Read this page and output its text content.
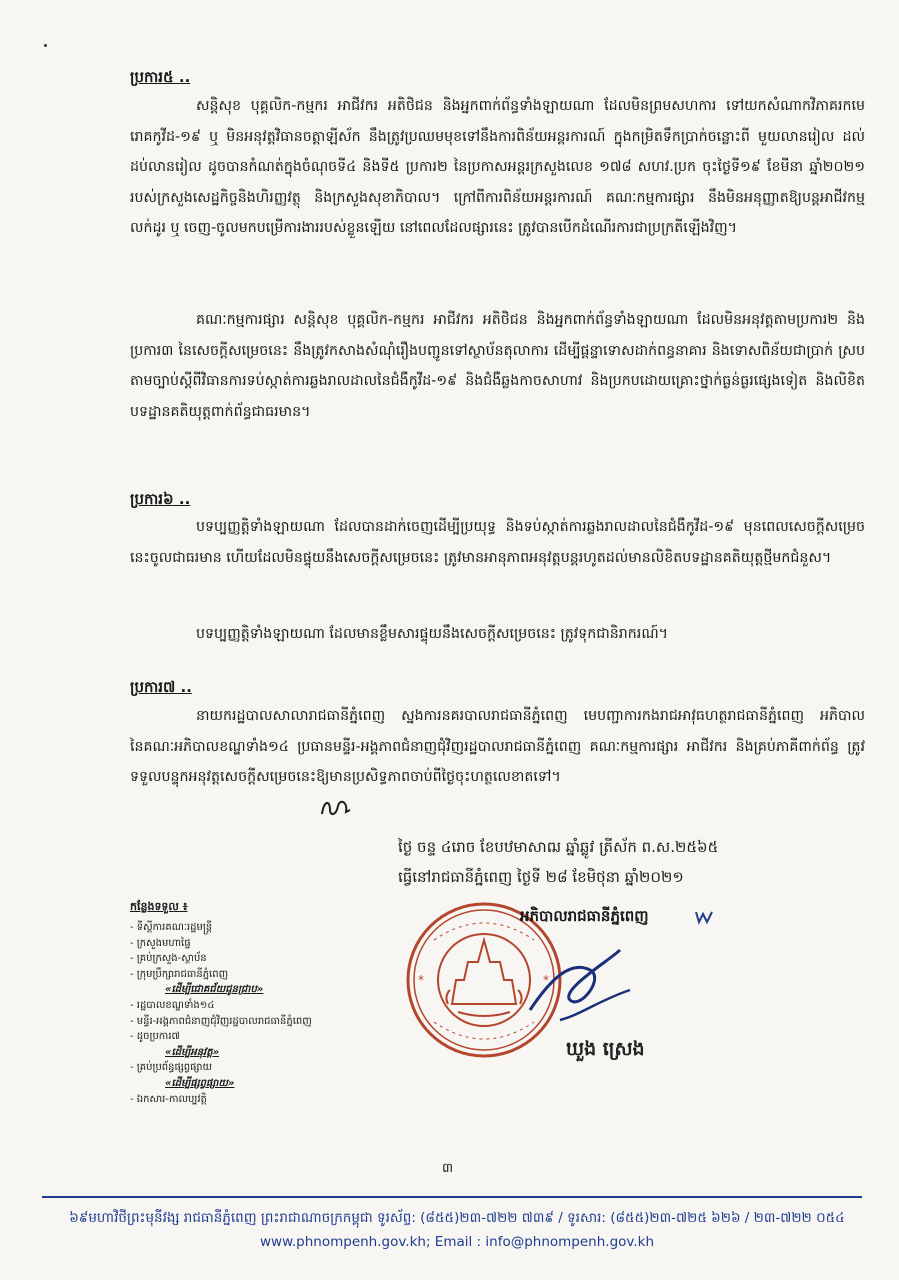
ប្រការ៥ ..
សន្តិសុខ បុគ្គលិក-កម្មករ អាជីវករ អតិថិជន និងអ្នកពាក់ព័ន្ធទាំងឡាយណា ដែលមិនព្រមសហការ ទៅយកសំណាកវិភាគរកមេរោគកូវីដ-១៩ ឬ មិនអនុវត្តវិធានចត្តាឡីស័ក នឹងត្រូវប្រឈមមុខទៅនឹងការពិន័យអន្តរការណ៍ ក្នុងកម្រិតទឹកប្រាក់ចន្លោះពី មួយលានរៀល ដល់ ដប់លានរៀល ដូចបានកំណត់ក្នុងចំណុចទី៤ និងទី៥ ប្រការ២ នៃប្រកាសអន្តរក្រសួងលេខ ១៧៨ សហវ.ប្រក ចុះថ្ងៃទី១៩ ខែមីនា ឆ្នាំ២០២១ របស់ក្រសួងសេដ្ឋកិច្ចនិងហិរញ្ញវត្ថុ និងក្រសួងសុខាភិបាល។ ក្រៅពីការពិន័យអន្តរការណ៍ គណៈកម្មការផ្សារ នឹងមិនអនុញ្ញាតឱ្យបន្តអាជីវកម្មលក់ដូរ ឬ ចេញ-ចូលមកបម្រើការងាររបស់ខ្លួនឡើយ នៅពេលដែលផ្សារនេះ ត្រូវបានបើកដំណើរការជាប្រក្រតីឡើងវិញ។
គណៈកម្មការផ្សារ សន្តិសុខ បុគ្គលិក-កម្មករ អាជីវករ អតិថិជន និងអ្នកពាក់ព័ន្ធទាំងឡាយណា ដែលមិនអនុវត្តតាមប្រការ២ និងប្រការ៣ នៃសេចក្តីសម្រេចនេះ នឹងត្រូវកសាងសំណុំរឿងបញ្ជូនទៅស្ថាប័នតុលាការ ដើម្បីផ្តន្ទាទោសដាក់ពន្ធនាគារ និងទោសពិន័យជាប្រាក់ ស្របតាមច្បាប់ស្តីពីវិធានការទប់ស្កាត់ការឆ្លងរាលដាលនៃជំងឺកូវីដ-១៩ និងជំងឺឆ្លងកាចសាហាវ និងប្រកបដោយគ្រោះថ្នាក់ធ្ងន់ធ្ងរផ្សេងទៀត និងលិខិតបទដ្ឋានគតិយុត្តពាក់ព័ន្ធជាធរមាន។
ប្រការ៦ ..
បទប្បញ្ញត្តិទាំងឡាយណា ដែលបានដាក់ចេញដើម្បីប្រយុទ្ធ និងទប់ស្កាត់ការឆ្លងរាលដាលនៃជំងឺកូវីដ-១៩ មុនពេលសេចក្តីសម្រេចនេះចូលជាធរមាន ហើយដែលមិនផ្ទុយនឹងសេចក្តីសម្រេចនេះ ត្រូវមានអានុភាពអនុវត្តបន្តរហូតដល់មានលិខិតបទដ្ឋានគតិយុត្តថ្មីមកជំនួស។
បទប្បញ្ញត្តិទាំងឡាយណា ដែលមានខ្លឹមសារផ្ទុយនឹងសេចក្តីសម្រេចនេះ ត្រូវទុកជានិរាករណ៍។
ប្រការ៧ ..
នាយករដ្ឋបាលសាលារាជធានីភ្នំពេញ ស្នងការនគរបាលរាជធានីភ្នំពេញ មេបញ្ជាការកងរាជអាវុធហត្ថរាជធានីភ្នំពេញ អភិបាល នៃគណៈអភិបាលខណ្ឌទាំង១៤ ប្រធានមន្ទីរ-អង្គភាពជំនាញជុំវិញរដ្ឋបាលរាជធានីភ្នំពេញ គណៈកម្មការផ្សារ អាជីវករ និងគ្រប់ភាគីពាក់ព័ន្ធ ត្រូវទទួលបន្ទុកអនុវត្តសេចក្តីសម្រេចនេះឱ្យមានប្រសិទ្ធភាពចាប់ពីថ្ងៃចុះហត្ថលេខាតទៅ។
ថ្ងៃ ចន្ទ ៤រោច ខែបឋមាសាឍ ឆ្នាំឆ្លូវ ត្រីស័ក ព.ស.២៥៦៥
ធ្វើនៅរាជធានីភ្នំពេញ ថ្ងៃទី ២៨ ខែមិថុនា ឆ្នាំ២០២១
*	*
អភិបាលរាជធានីភ្នំពេញ
ឃួង ស្រេង
កន្លែងទទួល ៖
- ទីស្តីការគណៈរដ្ឋមន្ត្រី
- ក្រសួងមហាផ្ទៃ
- គ្រប់ក្រសួង-ស្ថាប័ន
- ក្រុមប្រឹក្សារាជធានីភ្នំពេញ
«ដើម្បីជោគជ័យជូនជ្រាប»
- រដ្ឋបាលខណ្ឌទាំង១៤
- មន្ទីរ-អង្គភាពជំនាញជុំវិញរដ្ឋបាលរាជធានីភ្នំពេញ
- ដូចប្រការ៧
«ដើម្បីអនុវត្ត»
- គ្រប់ប្រព័ន្ធផ្សព្វផ្សាយ
«ដើម្បីផ្សព្វផ្សាយ»
- ឯកសារ-កាលប្បវត្តិ
៣
៦៩មហាវិថីព្រះមុនីវង្ស រាជធានីភ្នំពេញ ព្រះរាជាណាចក្រកម្ពុជា ទូរស័ព្ទ: (៨៥៥)២៣-៧២២ ៧៣៩ / ទូរសារ: (៨៥៥)២៣-៧២៥ ៦២៦ / ២៣-៧២២ ០៥៤
www.phnompenh.gov.kh; Email : info@phnompenh.gov.kh
